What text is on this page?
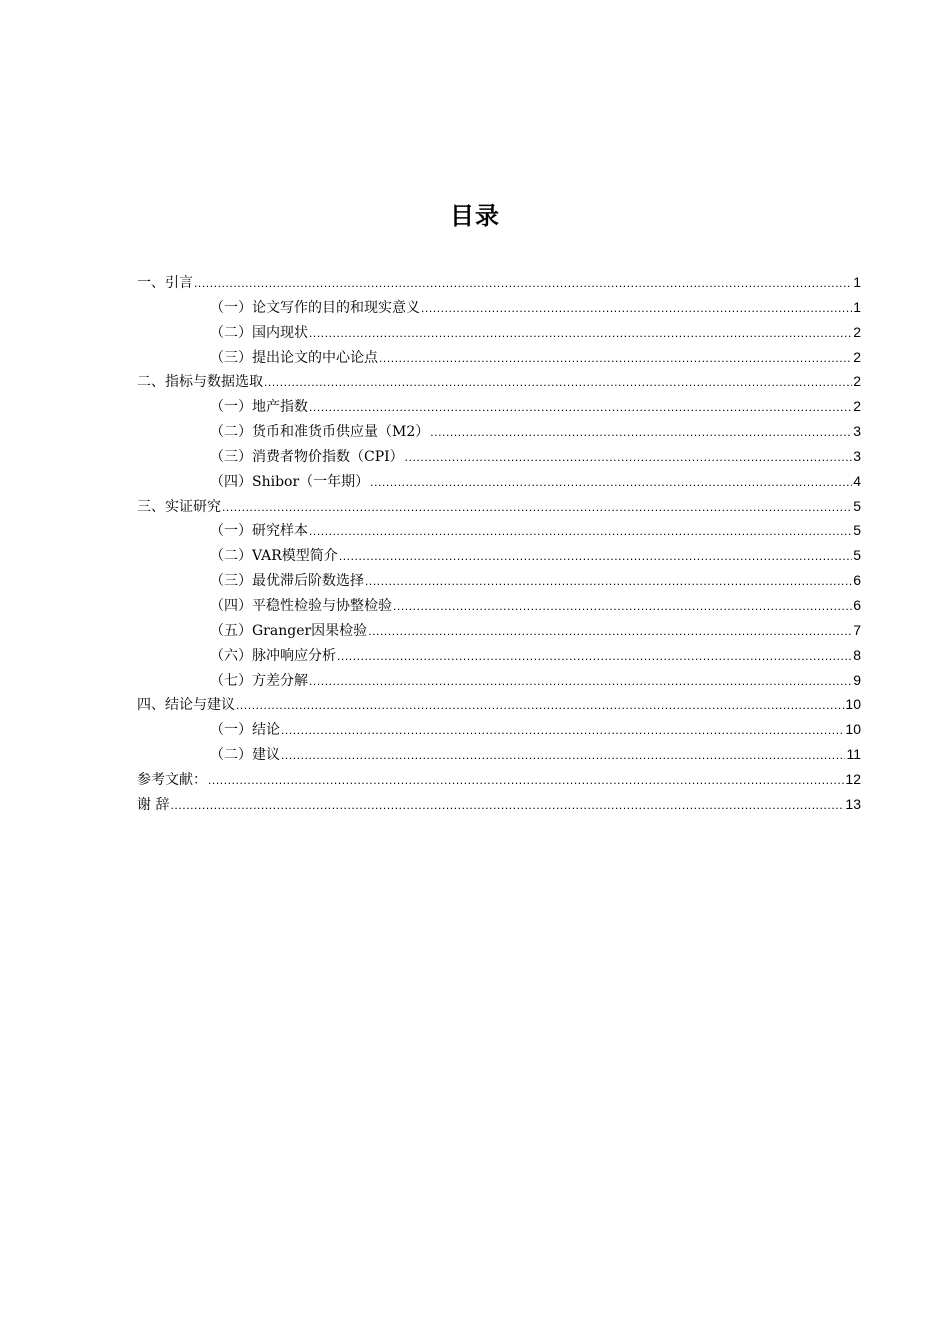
目录
一、引言 .....	1
（一）论文写作的目的和现实意义 .....	1
（二）国内现状 .....	2
（三）提出论文的中心论点 .....	2
二、指标与数据选取 .....	2
（一）地产指数 .....	2
（二）货币和准货币供应量（M2） .....	3
（三）消费者物价指数（CPI） .....	3
（四）Shibor（一年期） .....	4
三、实证研究 .....	5
（一）研究样本 .....	5
（二）VAR模型简介 .....	5
（三）最优滞后阶数选择 .....	6
（四）平稳性检验与协整检验 .....	6
（五）Granger因果检验 .....	7
（六）脉冲响应分析 .....	8
（七）方差分解 .....	9
四、结论与建议 .....	10
（一）结论 .....	10
（二）建议 .....	11
参考文献： .....	12
谢 辞 .....	13
